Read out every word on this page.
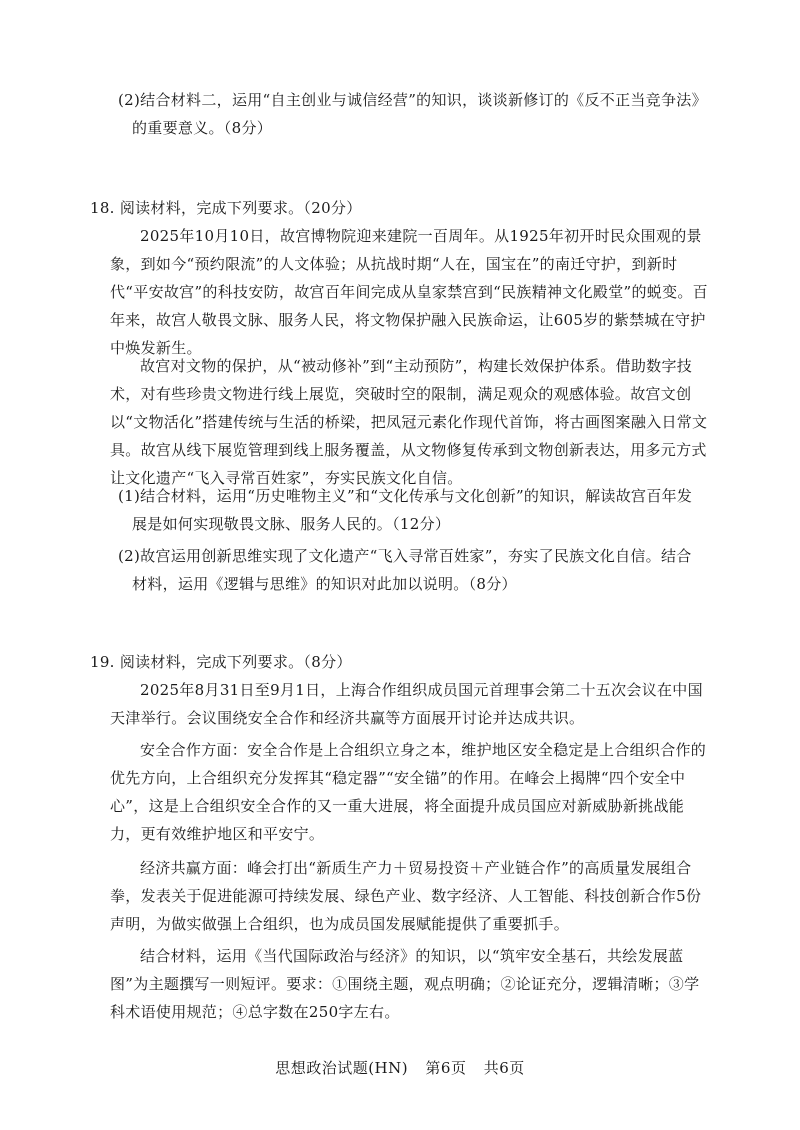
(2)结合材料二，运用“自主创业与诚信经营”的知识，谈谈新修订的《反不正当竞争法》的重要意义。（8分）

18. 阅读材料，完成下列要求。（20分）

2025年10月10日，故宫博物院迎来建院一百周年。从1925年初开时民众围观的景象，到如今“预约限流”的人文体验；从抗战时期“人在，国宝在”的南迁守护，到新时代“平安故宫”的科技安防，故宫百年间完成从皇家禁宫到“民族精神文化殿堂”的蜕变。百年来，故宫人敬畏文脉、服务人民，将文物保护融入民族命运，让605岁的紫禁城在守护中焕发新生。

故宫对文物的保护，从“被动修补”到“主动预防”，构建长效保护体系。借助数字技术，对有些珍贵文物进行线上展览，突破时空的限制，满足观众的观感体验。故宫文创以“文物活化”搭建传统与生活的桥梁，把凤冠元素化作现代首饰，将古画图案融入日常文具。故宫从线下展览管理到线上服务覆盖，从文物修复传承到文物创新表达，用多元方式让文化遗产“飞入寻常百姓家”，夯实民族文化自信。

(1)结合材料，运用“历史唯物主义”和“文化传承与文化创新”的知识，解读故宫百年发展是如何实现敬畏文脉、服务人民的。（12分）

(2)故宫运用创新思维实现了文化遗产“飞入寻常百姓家”，夯实了民族文化自信。结合材料，运用《逻辑与思维》的知识对此加以说明。（8分）

19. 阅读材料，完成下列要求。（8分）

2025年8月31日至9月1日，上海合作组织成员国元首理事会第二十五次会议在中国天津举行。会议围绕安全合作和经济共赢等方面展开讨论并达成共识。

安全合作方面：安全合作是上合组织立身之本，维护地区安全稳定是上合组织合作的优先方向，上合组织充分发挥其“稳定器”“安全锚”的作用。在峰会上揭牌“四个安全中心”，这是上合组织安全合作的又一重大进展，将全面提升成员国应对新威胁新挑战能力，更有效维护地区和平安宁。

经济共赢方面：峰会打出“新质生产力＋贸易投资＋产业链合作”的高质量发展组合拳，发表关于促进能源可持续发展、绿色产业、数字经济、人工智能、科技创新合作5份声明，为做实做强上合组织，也为成员国发展赋能提供了重要抓手。

结合材料，运用《当代国际政治与经济》的知识，以“筑牢安全基石，共绘发展蓝图”为主题撰写一则短评。要求：①围绕主题，观点明确；②论证充分，逻辑清晰；③学科术语使用规范；④总字数在250字左右。

思想政治试题(HN) 第6页 共6页
